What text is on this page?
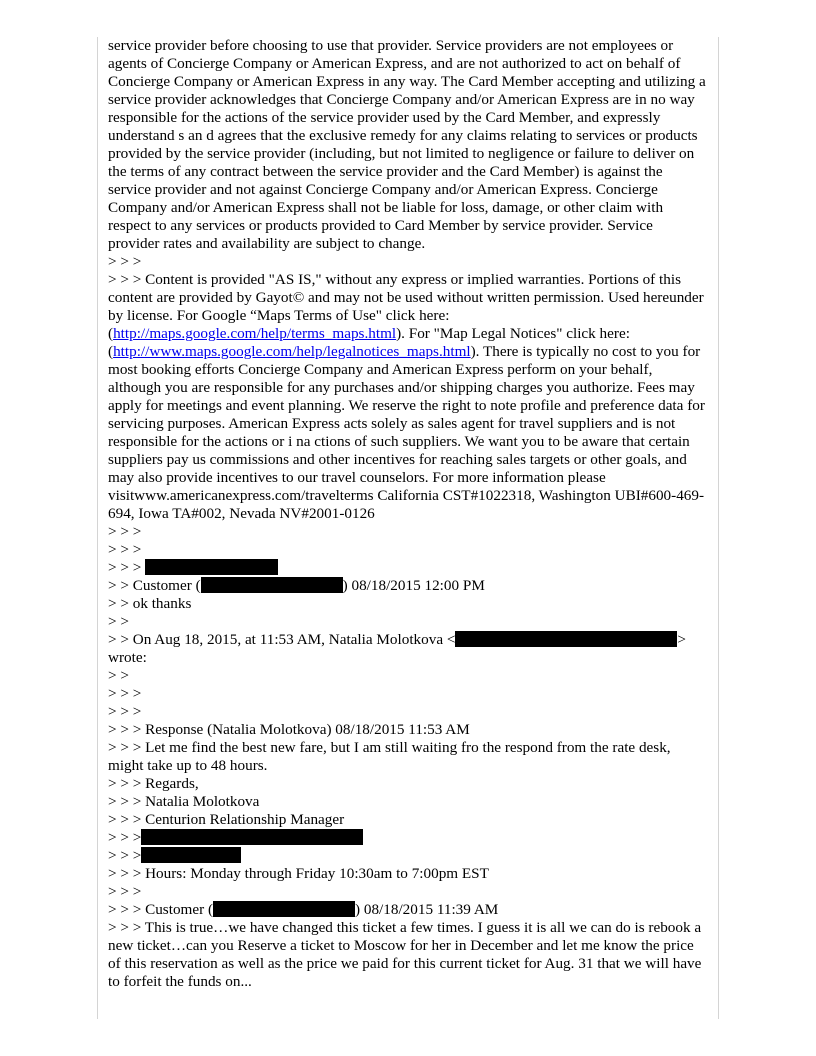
service provider before choosing to use that provider. Service providers are not employees or agents of Concierge Company or American Express, and are not authorized to act on behalf of Concierge Company or American Express in any way. The Card Member accepting and utilizing a service provider acknowledges that Concierge Company and/or American Express are in no way responsible for the actions of the service provider used by the Card Member, and expressly understand s an d agrees that the exclusive remedy for any claims relating to services or products provided by the service provider (including, but not limited to negligence or failure to deliver on the terms of any contract between the service provider and the Card Member) is against the service provider and not against Concierge Company and/or American Express. Concierge Company and/or American Express shall not be liable for loss, damage, or other claim with respect to any services or products provided to Card Member by service provider. Service provider rates and availability are subject to change.
> > >
> > > Content is provided "AS IS," without any express or implied warranties. Portions of this content are provided by Gayot© and may not be used without written permission. Used hereunder by license. For Google “Maps Terms of Use" click here: (http://maps.google.com/help/terms_maps.html). For "Map Legal Notices" click here: (http://www.maps.google.com/help/legalnotices_maps.html). There is typically no cost to you for most booking efforts Concierge Company and American Express perform on your behalf, although you are responsible for any purchases and/or shipping charges you authorize. Fees may apply for meetings and event planning. We reserve the right to note profile and preference data for servicing purposes. American Express acts solely as sales agent for travel suppliers and is not responsible for the actions or i na ctions of such suppliers. We want you to be aware that certain suppliers pay us commissions and other incentives for reaching sales targets or other goals, and may also provide incentives to our travel counselors. For more information please visitwww.americanexpress.com/travelterms California CST#1022318, Washington UBI#600-469-694, Iowa TA#002, Nevada NV#2001-0126
> > >
> > >
> > >
> > Customer (	) 08/18/2015 12:00 PM
> > ok thanks
> >
> > On Aug 18, 2015, at 11:53 AM, Natalia Molotkova <	>
wrote:
> >
> > >
> > >
> > > Response (Natalia Molotkova) 08/18/2015 11:53 AM
> > > Let me find the best new fare, but I am still waiting fro the respond from the rate desk, might take up to 48 hours.
> > > Regards,
> > > Natalia Molotkova
> > > Centurion Relationship Manager
> > >
> > >
> > > Hours: Monday through Friday 10:30am to 7:00pm EST
> > >
> > > Customer (	) 08/18/2015 11:39 AM
> > > This is true…we have changed this ticket a few times. I guess it is all we can do is rebook a new ticket…can you Reserve a ticket to Moscow for her in December and let me know the price of this reservation as well as the price we paid for this current ticket for Aug. 31 that we will have to forfeit the funds on...
